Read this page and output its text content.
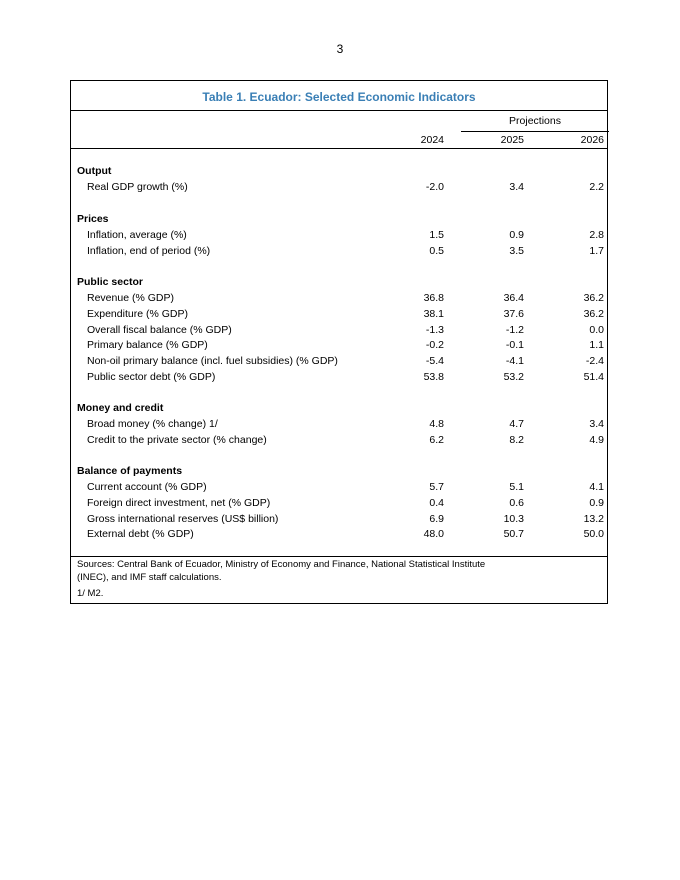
3
Table 1. Ecuador: Selected Economic Indicators
Projections
2024	2025	2026
Output
Real GDP growth (%)	-2.0	3.4	2.2
Prices
Inflation, average (%)	1.5	0.9	2.8
Inflation, end of period (%)	0.5	3.5	1.7
Public sector
Revenue (% GDP)	36.8	36.4	36.2
Expenditure (% GDP)	38.1	37.6	36.2
Overall fiscal balance (% GDP)	-1.3	-1.2	0.0
Primary balance (% GDP)	-0.2	-0.1	1.1
Non-oil primary balance (incl. fuel subsidies) (% GDP)	-5.4	-4.1	-2.4
Public sector debt (% GDP)	53.8	53.2	51.4
Money and credit
Broad money (% change) 1/	4.8	4.7	3.4
Credit to the private sector (% change)	6.2	8.2	4.9
Balance of payments
Current account (% GDP)	5.7	5.1	4.1
Foreign direct investment, net (% GDP)	0.4	0.6	0.9
Gross international reserves (US$ billion)	6.9	10.3	13.2
External debt (% GDP)	48.0	50.7	50.0
Sources: Central Bank of Ecuador, Ministry of Economy and Finance, National Statistical Institute (INEC), and IMF staff calculations.
1/ M2.
